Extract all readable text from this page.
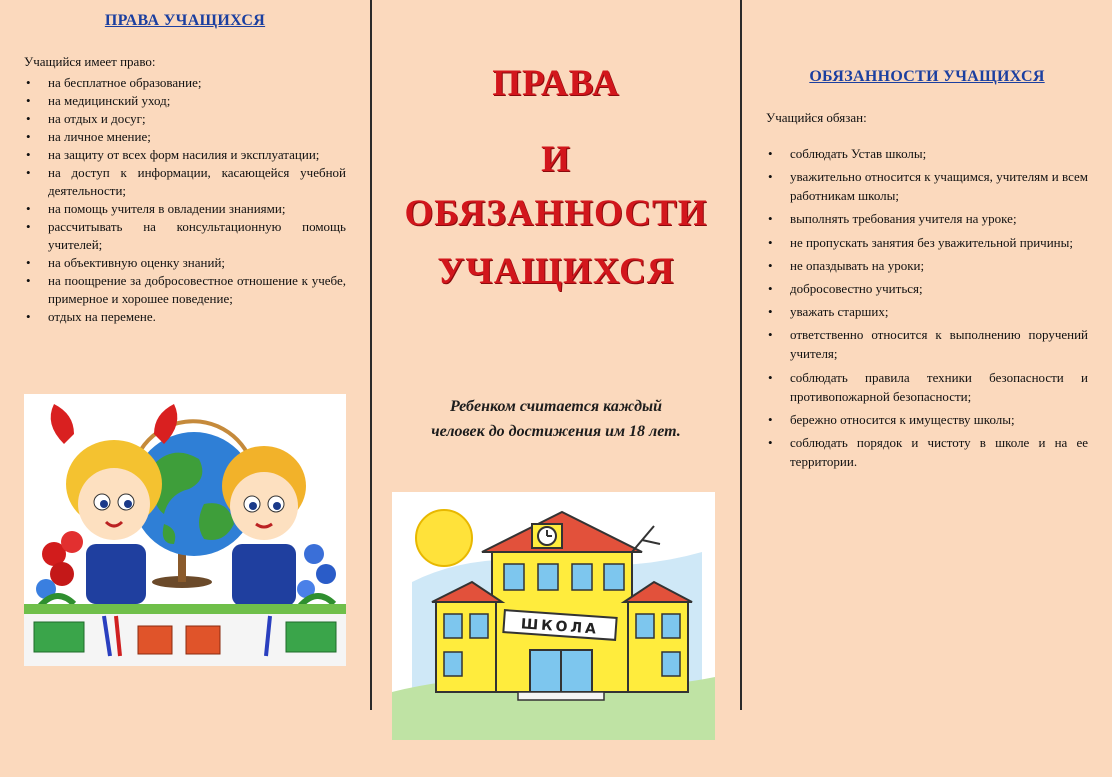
ПРАВА УЧАЩИХСЯ
Учащийся имеет право:
• на бесплатное образование;
• на медицинский уход;
• на отдых и досуг;
• на личное мнение;
• на защиту от всех форм насилия и эксплуатации;
• на доступ к информации, касающейся учебной деятельности;
• на помощь учителя в овладении знаниями;
• рассчитывать на консультационную помощь учителей;
• на объективную оценку знаний;
• на поощрение за добросовестное отношение к учебе, примерное и хорошее поведение;
• отдых на перемене.
ПРАВА
И
ОБЯЗАННОСТИ
УЧАЩИХСЯ
Ребенком считается каждый
человек до достижения им 18 лет.
ШКОЛА
ОБЯЗАННОСТИ УЧАЩИХСЯ
Учащийся обязан:
• соблюдать Устав школы;
• уважительно относится к учащимся, учителям и всем работникам школы;
• выполнять требования учителя на уроке;
• не пропускать занятия без уважительной причины;
• не опаздывать на уроки;
• добросовестно учиться;
• уважать старших;
• ответственно относится к выполнению поручений учителя;
• соблюдать правила техники безопасности и противопожарной безопасности;
• бережно относится к имуществу школы;
• соблюдать порядок и чистоту в школе и на ее территории.
